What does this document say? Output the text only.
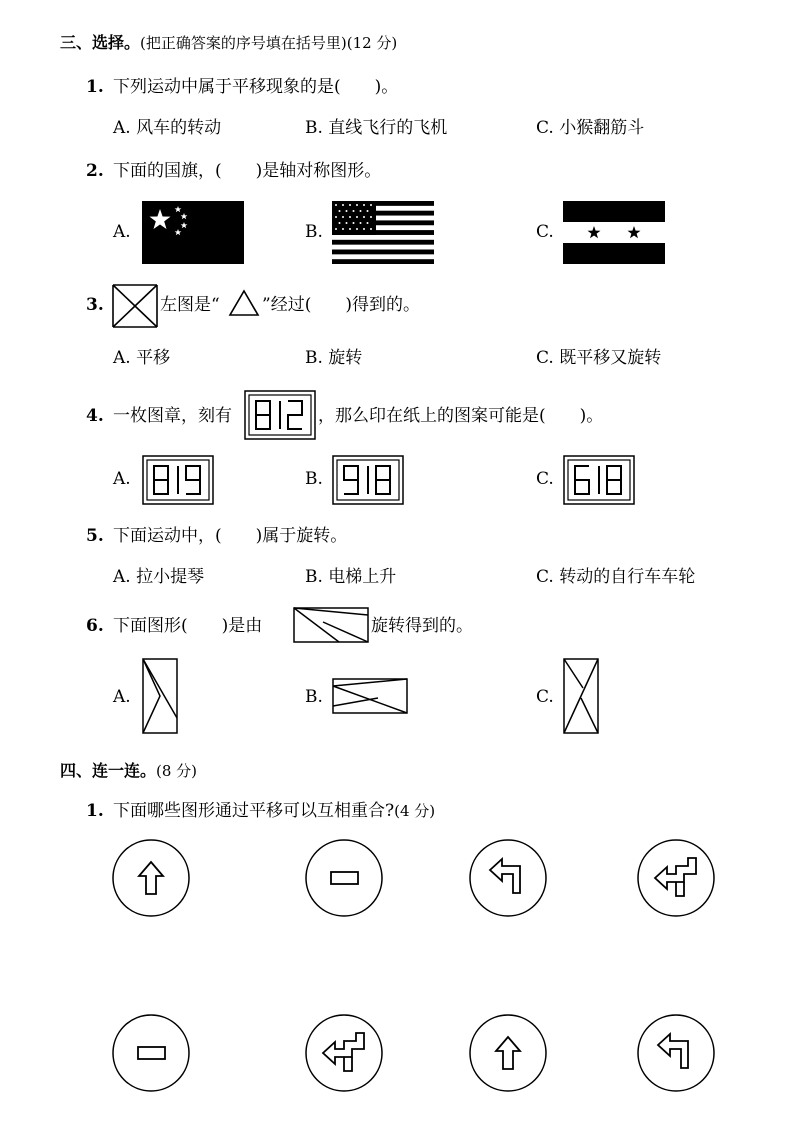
三、选择。(把正确答案的序号填在括号里)(12 分)
1. 下列运动中属于平移现象的是(　　)。
A. 风车的转动	B. 直线飞行的飞机	C. 小猴翻筋斗
2. 下面的国旗，(　　)是轴对称图形。
A.	B.	C.
3.	左图是“ ”经过(　　)得到的。
A. 平移	B. 旋转	C. 既平移又旋转
4. 一枚图章，刻有	，那么印在纸上的图案可能是(　　)。
A.	B.	C.
5. 下面运动中，(　　)属于旋转。
A. 拉小提琴	B. 电梯上升	C. 转动的自行车车轮
6. 下面图形(　　)是由	旋转得到的。
A.	B.	C.
四、连一连。(8 分)
1. 下面哪些图形通过平移可以互相重合?(4 分)
